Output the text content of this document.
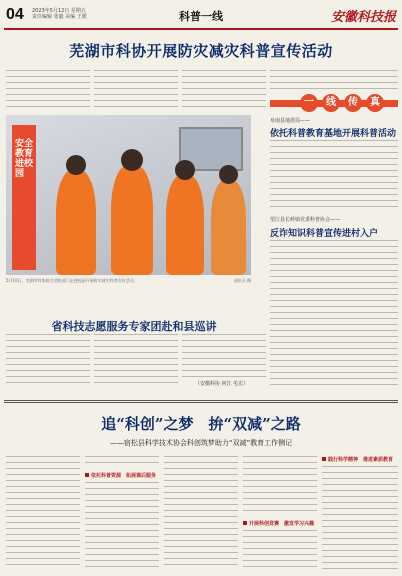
04 2023年5月12日 星期五
责任编辑 张毅 美编 王媛	科普一线	安徽科技报
芜湖市科协开展防灾减灾科普宣传活动
安全教育进校园
5月10日，芜湖市科协联合消防部门走进校园开展防灾减灾科普宣传活动。	通讯员 摄
一	线	传	真
阜南县地震局——
依托科普教育基地开展科普活动
望江县长岭镇党委科普协会——
反诈知识科普宣传进村入户
省科技志愿服务专家团赴和县巡讲
（安徽科协 何江 毛宏）
追“科创”之梦　拚“双减”之路
——宿松县科学技术协会科创筑梦助力“双减”教育工作侧记
依托科普资源　拓展课后服务
开展科创竞赛　激发学习兴趣
践行科学精神　推进素质教育
